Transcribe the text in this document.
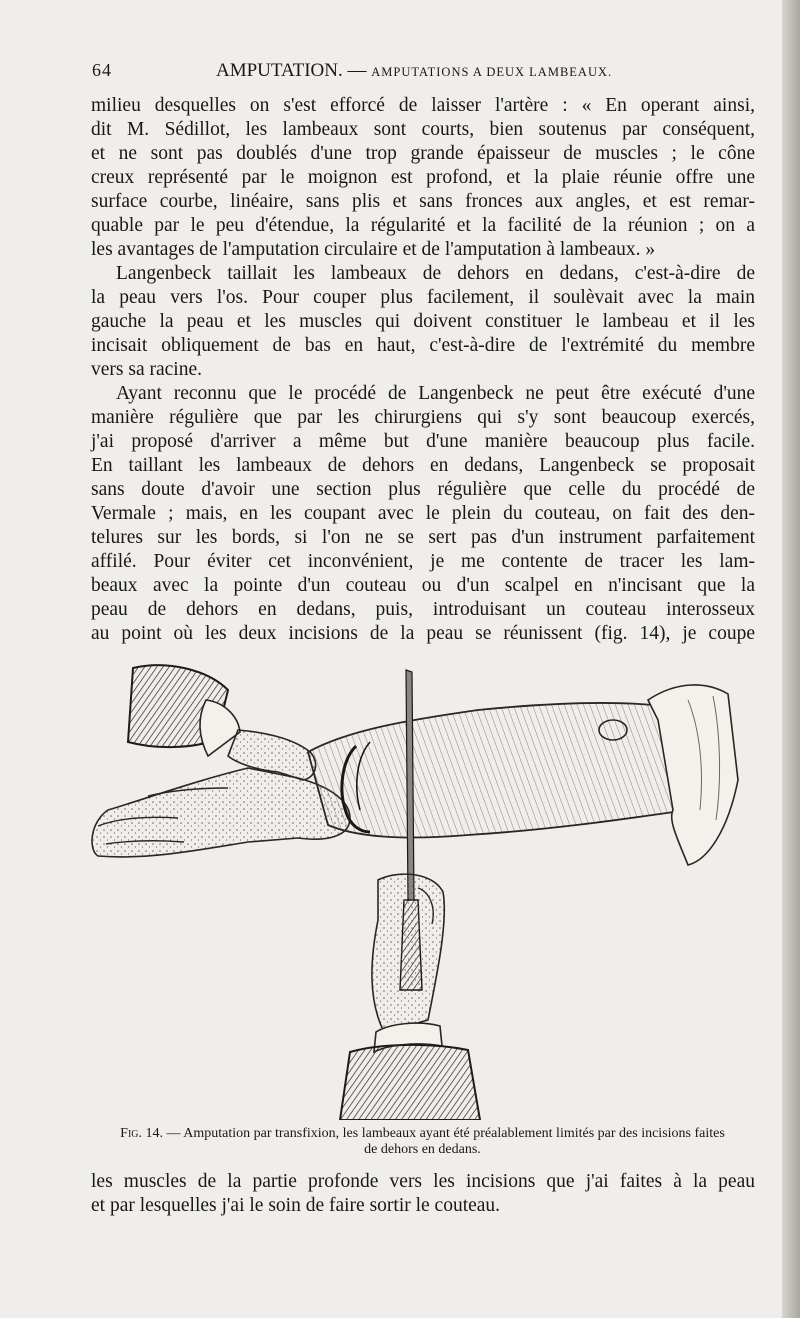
64	AMPUTATION. — AMPUTATIONS A DEUX LAMBEAUX.
milieu desquelles on s'est efforcé de laisser l'artère : « En operant ainsi,
dit M. Sédillot, les lambeaux sont courts, bien soutenus par conséquent,
et ne sont pas doublés d'une trop grande épaisseur de muscles ; le cône
creux représenté par le moignon est profond, et la plaie réunie offre une
surface courbe, linéaire, sans plis et sans fronces aux angles, et est remar-
quable par le peu d'étendue, la régularité et la facilité de la réunion ; on a
les avantages de l'amputation circulaire et de l'amputation à lambeaux. »
Langenbeck taillait les lambeaux de dehors en dedans, c'est-à-dire de
la peau vers l'os. Pour couper plus facilement, il soulèvait avec la main
gauche la peau et les muscles qui doivent constituer le lambeau et il les
incisait obliquement de bas en haut, c'est-à-dire de l'extrémité du membre
vers sa racine.
Ayant reconnu que le procédé de Langenbeck ne peut être exécuté d'une
manière régulière que par les chirurgiens qui s'y sont beaucoup exercés,
j'ai proposé d'arriver a même but d'une manière beaucoup plus facile.
En taillant les lambeaux de dehors en dedans, Langenbeck se proposait
sans doute d'avoir une section plus régulière que celle du procédé de
Vermale ; mais, en les coupant avec le plein du couteau, on fait des den-
telures sur les bords, si l'on ne se sert pas d'un instrument parfaitement
affilé. Pour éviter cet inconvénient, je me contente de tracer les lam-
beaux avec la pointe d'un couteau ou d'un scalpel en n'incisant que la
peau de dehors en dedans, puis, introduisant un couteau interosseux
au point où les deux incisions de la peau se réunissent (fig. 14), je coupe
Fig. 14. — Amputation par transfixion, les lambeaux ayant été préalablement limités par des incisions faites de dehors en dedans.
les muscles de la partie profonde vers les incisions que j'ai faites à la peau
et par lesquelles j'ai le soin de faire sortir le couteau.
